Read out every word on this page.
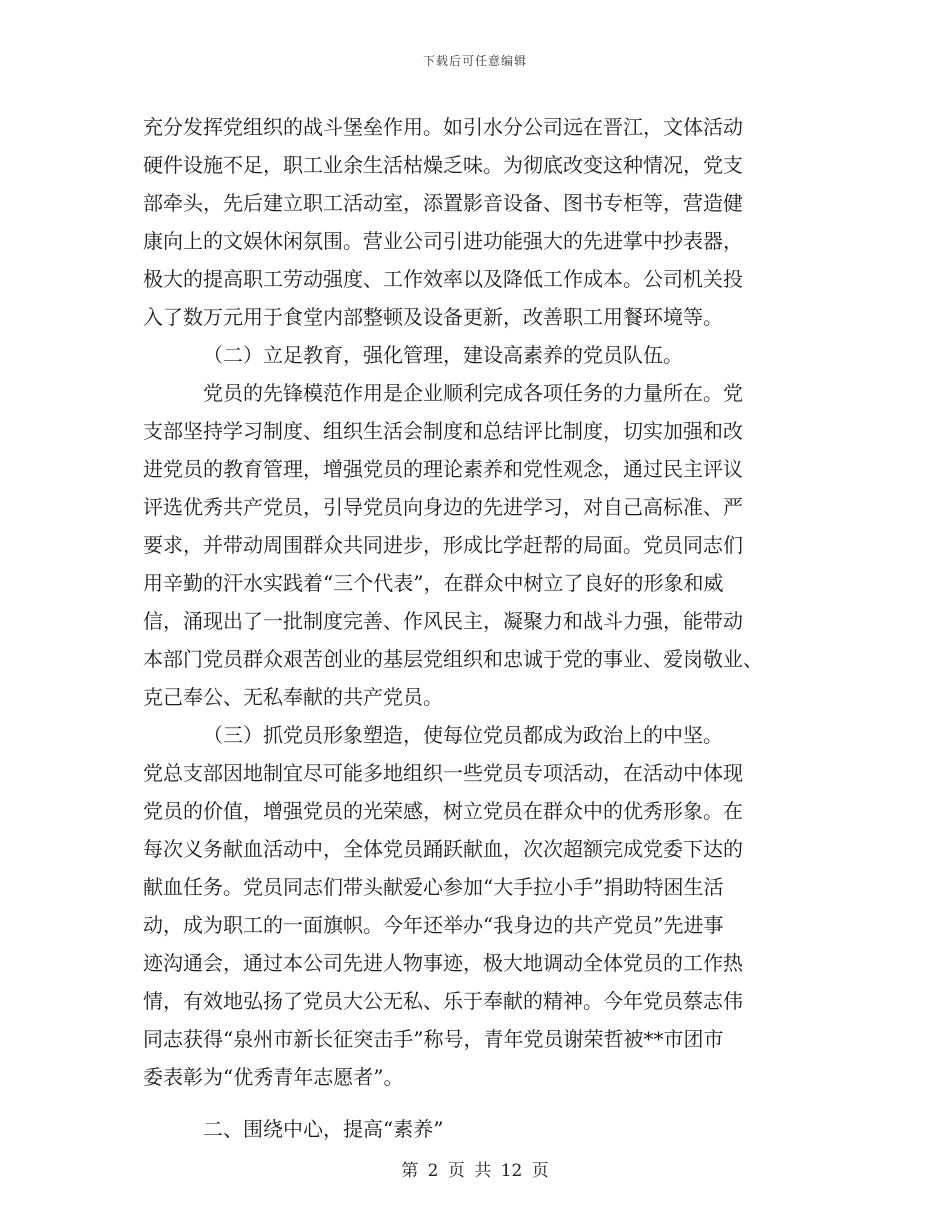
下载后可任意编辑
充分发挥党组织的战斗堡垒作用。如引水分公司远在晋江，文体活动
硬件设施不足，职工业余生活枯燥乏味。为彻底改变这种情况，党支
部牵头，先后建立职工活动室，添置影音设备、图书专柜等，营造健
康向上的文娱休闲氛围。营业公司引进功能强大的先进掌中抄表器，
极大的提高职工劳动强度、工作效率以及降低工作成本。公司机关投
入了数万元用于食堂内部整顿及设备更新，改善职工用餐环境等。
（二）立足教育，强化管理，建设高素养的党员队伍。
党员的先锋模范作用是企业顺利完成各项任务的力量所在。党
支部坚持学习制度、组织生活会制度和总结评比制度，切实加强和改
进党员的教育管理，增强党员的理论素养和党性观念，通过民主评议
评选优秀共产党员，引导党员向身边的先进学习，对自己高标准、严
要求，并带动周围群众共同进步，形成比学赶帮的局面。党员同志们
用辛勤的汗水实践着“三个代表”，在群众中树立了良好的形象和威
信，涌现出了一批制度完善、作风民主，凝聚力和战斗力强，能带动
本部门党员群众艰苦创业的基层党组织和忠诚于党的事业、爱岗敬业、
克己奉公、无私奉献的共产党员。
（三）抓党员形象塑造，使每位党员都成为政治上的中坚。
党总支部因地制宜尽可能多地组织一些党员专项活动，在活动中体现
党员的价值，增强党员的光荣感，树立党员在群众中的优秀形象。在
每次义务献血活动中，全体党员踊跃献血，次次超额完成党委下达的
献血任务。党员同志们带头献爱心参加“大手拉小手”捐助特困生活
动，成为职工的一面旗帜。今年还举办“我身边的共产党员”先进事
迹沟通会，通过本公司先进人物事迹，极大地调动全体党员的工作热
情，有效地弘扬了党员大公无私、乐于奉献的精神。今年党员蔡志伟
同志获得“泉州市新长征突击手”称号，青年党员谢荣哲被**市团市
委表彰为“优秀青年志愿者”。
二、围绕中心，提高“素养”
第 2 页 共 12 页
